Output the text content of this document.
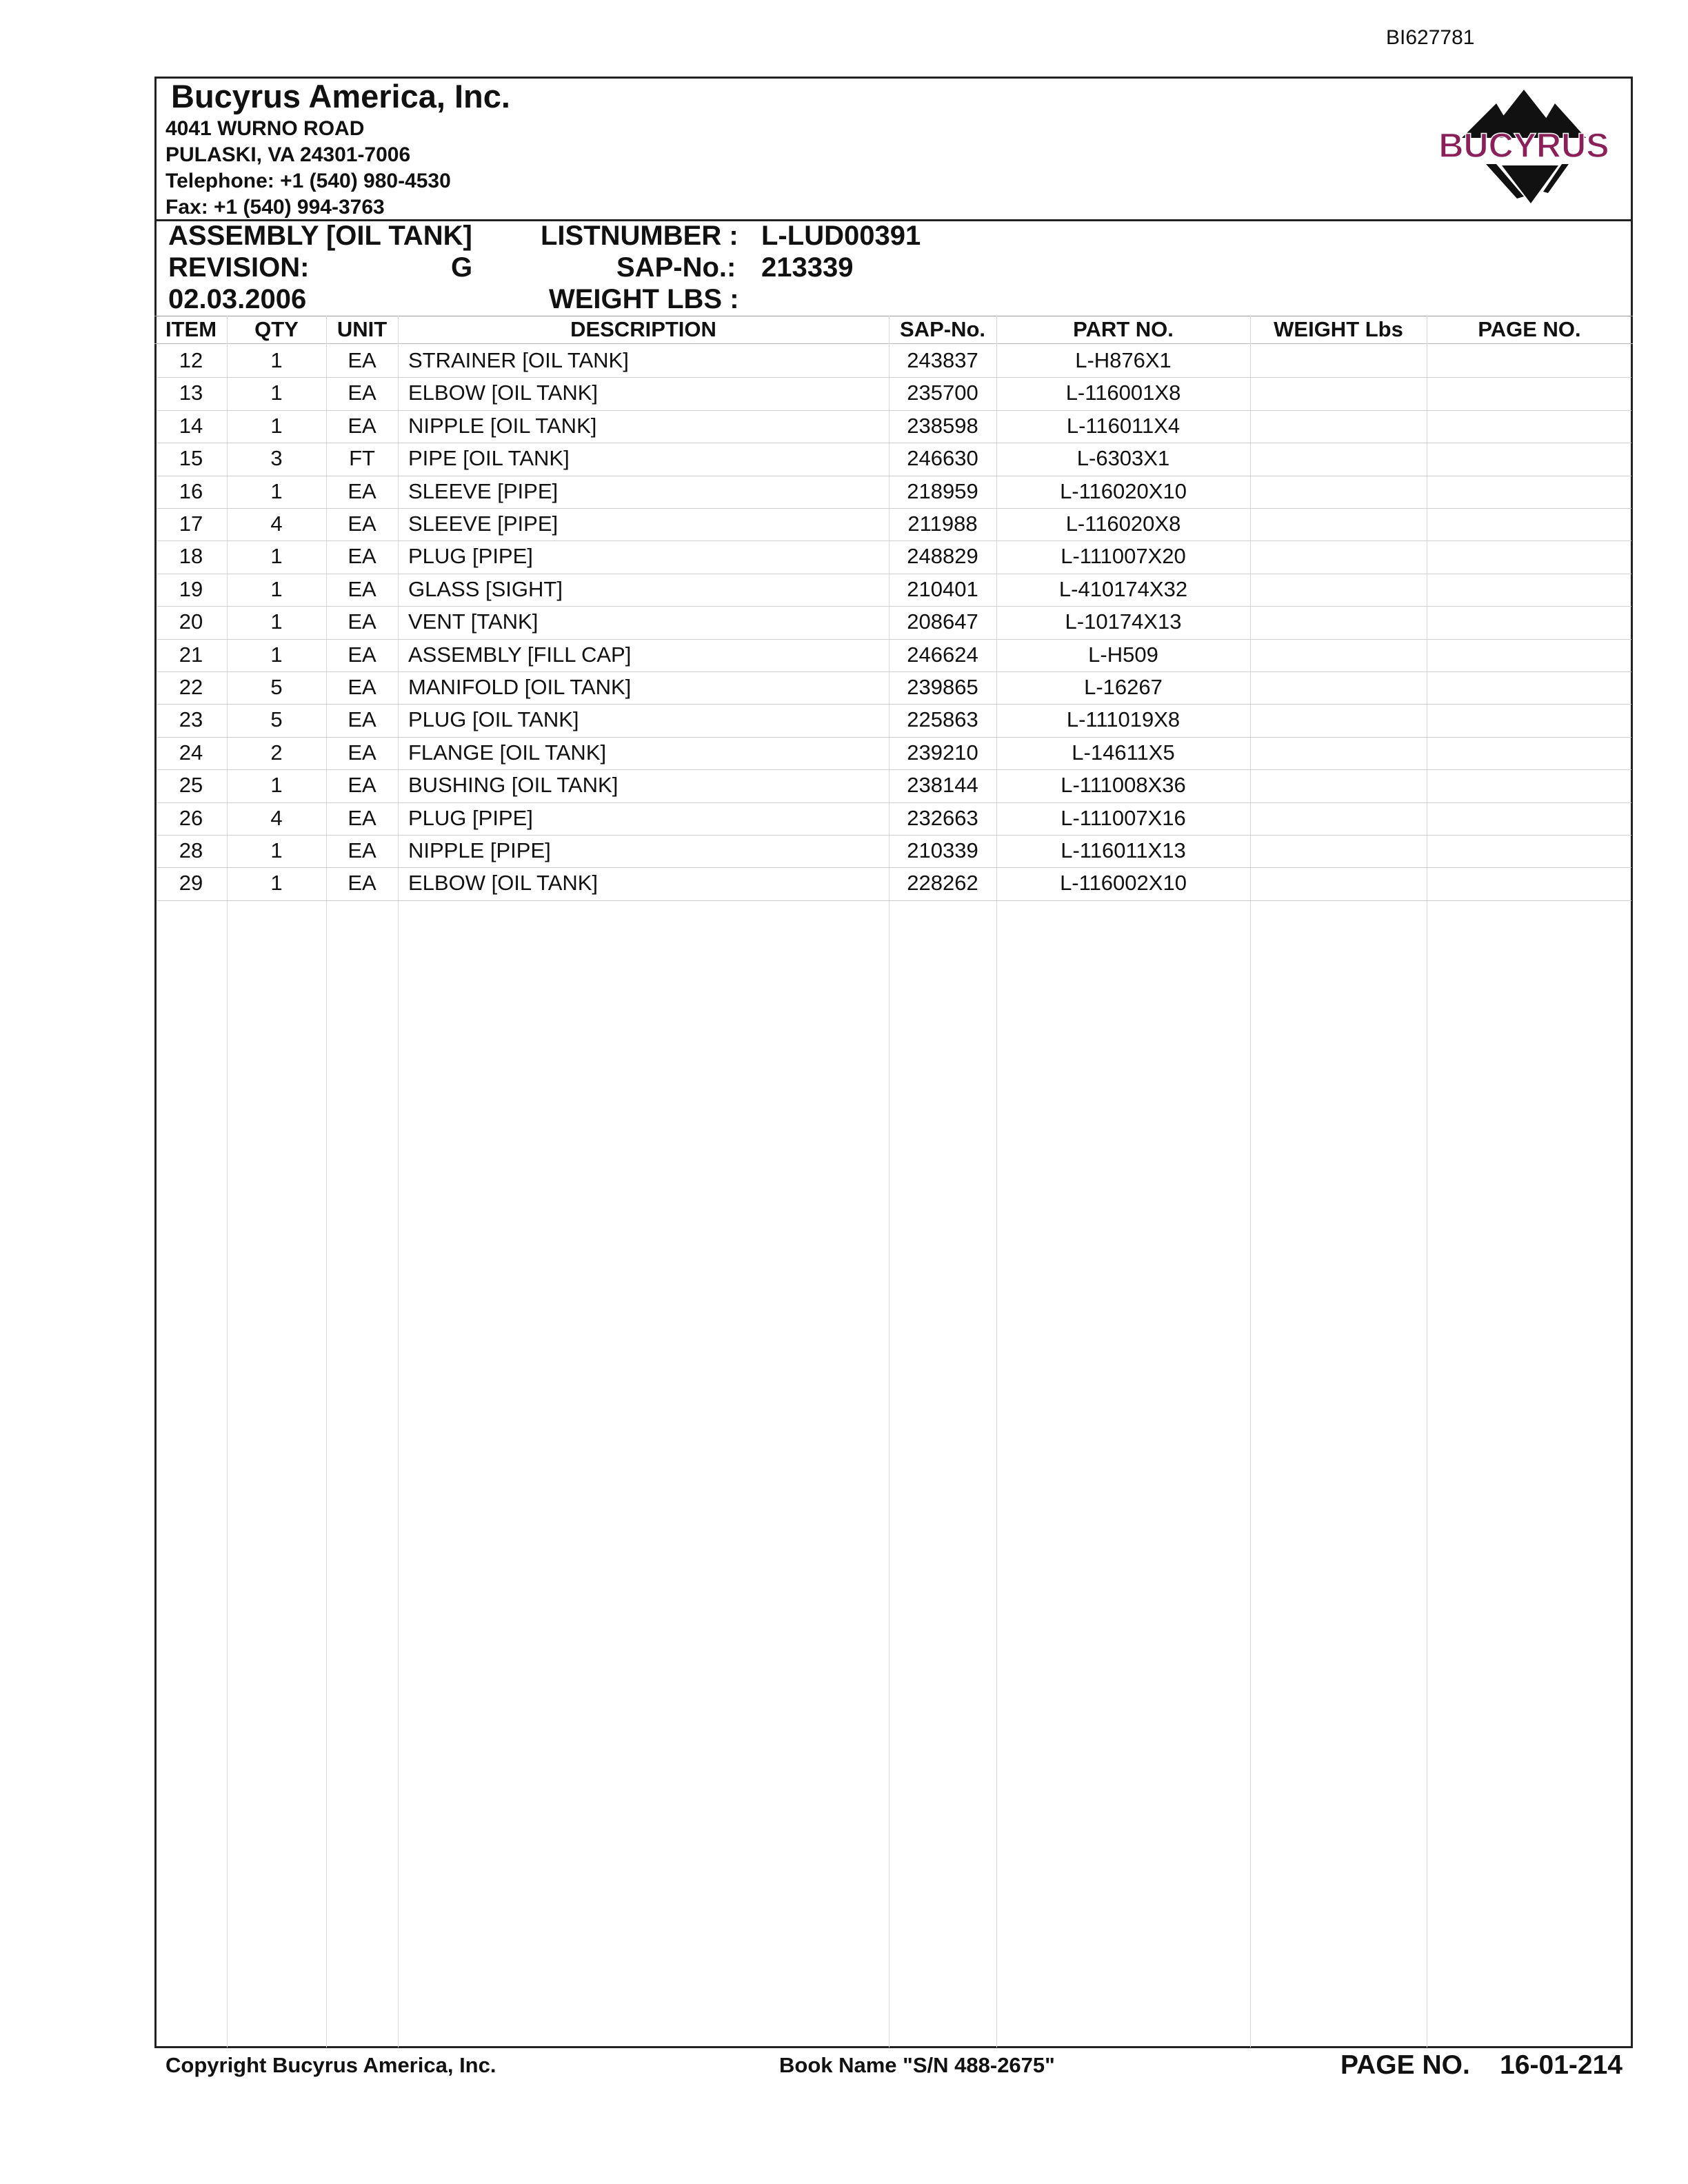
BI627781
Bucyrus America, Inc.
4041 WURNO ROAD
PULASKI, VA 24301-7006
Telephone: +1 (540) 980-4530
Fax: +1 (540) 994-3763
BUCYRUS
ASSEMBLY [OIL TANK] LISTNUMBER : L-LUD00391
REVISION:	G	SAP-No.: 213339
02.03.2006	WEIGHT LBS :
ITEM	QTY	UNIT	DESCRIPTION	SAP-No.	PART NO.	WEIGHT Lbs	PAGE NO.
12	1	EA	STRAINER [OIL TANK]	243837	L-H876X1
13	1	EA	ELBOW [OIL TANK]	235700	L-116001X8
14	1	EA	NIPPLE [OIL TANK]	238598	L-116011X4
15	3	FT	PIPE [OIL TANK]	246630	L-6303X1
16	1	EA	SLEEVE [PIPE]	218959	L-116020X10
17	4	EA	SLEEVE [PIPE]	211988	L-116020X8
18	1	EA	PLUG [PIPE]	248829	L-111007X20
19	1	EA	GLASS [SIGHT]	210401	L-410174X32
20	1	EA	VENT [TANK]	208647	L-10174X13
21	1	EA	ASSEMBLY [FILL CAP]	246624	L-H509
22	5	EA	MANIFOLD [OIL TANK]	239865	L-16267
23	5	EA	PLUG [OIL TANK]	225863	L-111019X8
24	2	EA	FLANGE [OIL TANK]	239210	L-14611X5
25	1	EA	BUSHING [OIL TANK]	238144	L-111008X36
26	4	EA	PLUG [PIPE]	232663	L-111007X16
28	1	EA	NIPPLE [PIPE]	210339	L-116011X13
29	1	EA	ELBOW [OIL TANK]	228262	L-116002X10
Copyright Bucyrus America, Inc.	Book Name "S/N 488-2675"	PAGE NO. 16-01-214
